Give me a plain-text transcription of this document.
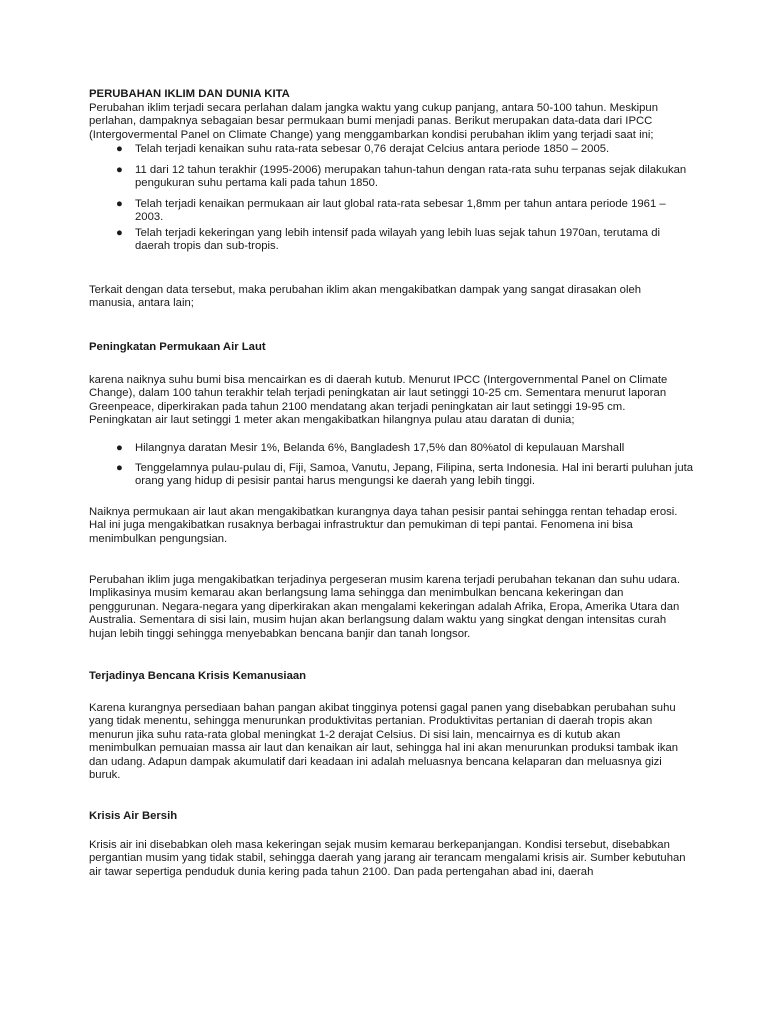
PERUBAHAN IKLIM DAN DUNIA KITA
Perubahan iklim terjadi secara perlahan dalam jangka waktu yang cukup panjang, antara 50-100 tahun. Meskipun perlahan, dampaknya sebagaian besar permukaan bumi menjadi panas. Berikut merupakan data-data dari IPCC (Intergovermental Panel on Climate Change) yang menggambarkan kondisi perubahan iklim yang terjadi saat ini;
● Telah terjadi kenaikan suhu rata-rata sebesar 0,76 derajat Celcius antara periode 1850 – 2005.
● 11 dari 12 tahun terakhir (1995-2006) merupakan tahun-tahun dengan rata-rata suhu terpanas sejak dilakukan pengukuran suhu pertama kali pada tahun 1850.
● Telah terjadi kenaikan permukaan air laut global rata-rata sebesar 1,8mm per tahun antara periode 1961 – 2003.
● Telah terjadi kekeringan yang lebih intensif pada wilayah yang lebih luas sejak tahun 1970an, terutama di daerah tropis dan sub-tropis.
Terkait dengan data tersebut, maka perubahan iklim akan mengakibatkan dampak yang sangat dirasakan oleh manusia, antara lain;
Peningkatan Permukaan Air Laut
karena naiknya suhu bumi bisa mencairkan es di daerah kutub. Menurut IPCC (Intergovernmental Panel on Climate Change), dalam 100 tahun terakhir telah terjadi peningkatan air laut setinggi 10-25 cm. Sementara menurut laporan Greenpeace, diperkirakan pada tahun 2100 mendatang akan terjadi peningkatan air laut setinggi 19-95 cm. Peningkatan air laut setinggi 1 meter akan mengakibatkan hilangnya pulau atau daratan di dunia;
● Hilangnya daratan Mesir 1%, Belanda 6%, Bangladesh 17,5% dan 80%atol di kepulauan Marshall
● Tenggelamnya pulau-pulau di, Fiji, Samoa, Vanutu, Jepang, Filipina, serta Indonesia. Hal ini berarti puluhan juta orang yang hidup di pesisir pantai harus mengungsi ke daerah yang lebih tinggi.
Naiknya permukaan air laut akan mengakibatkan kurangnya daya tahan pesisir pantai sehingga rentan tehadap erosi. Hal ini juga mengakibatkan rusaknya berbagai infrastruktur dan pemukiman di tepi pantai. Fenomena ini bisa menimbulkan pengungsian.
Perubahan iklim juga mengakibatkan terjadinya pergeseran musim karena terjadi perubahan tekanan dan suhu udara. Implikasinya musim kemarau akan berlangsung lama sehingga dan menimbulkan bencana kekeringan dan penggurunan. Negara-negara yang diperkirakan akan mengalami kekeringan adalah Afrika, Eropa, Amerika Utara dan Australia. Sementara di sisi lain, musim hujan akan berlangsung dalam waktu yang singkat dengan intensitas curah hujan lebih tinggi sehingga menyebabkan bencana banjir dan tanah longsor.
Terjadinya Bencana Krisis Kemanusiaan
Karena kurangnya persediaan bahan pangan akibat tingginya potensi gagal panen yang disebabkan perubahan suhu yang tidak menentu, sehingga menurunkan produktivitas pertanian. Produktivitas pertanian di daerah tropis akan menurun jika suhu rata-rata global meningkat 1-2 derajat Celsius. Di sisi lain, mencairnya es di kutub akan menimbulkan pemuaian massa air laut dan kenaikan air laut, sehingga hal ini akan menurunkan produksi tambak ikan dan udang. Adapun dampak akumulatif dari keadaan ini adalah meluasnya bencana kelaparan dan meluasnya gizi buruk.
Krisis Air Bersih
Krisis air ini disebabkan oleh masa kekeringan sejak musim kemarau berkepanjangan. Kondisi tersebut, disebabkan pergantian musim yang tidak stabil, sehingga daerah yang jarang air terancam mengalami krisis air. Sumber kebutuhan air tawar sepertiga penduduk dunia kering pada tahun 2100. Dan pada pertengahan abad ini, daerah
